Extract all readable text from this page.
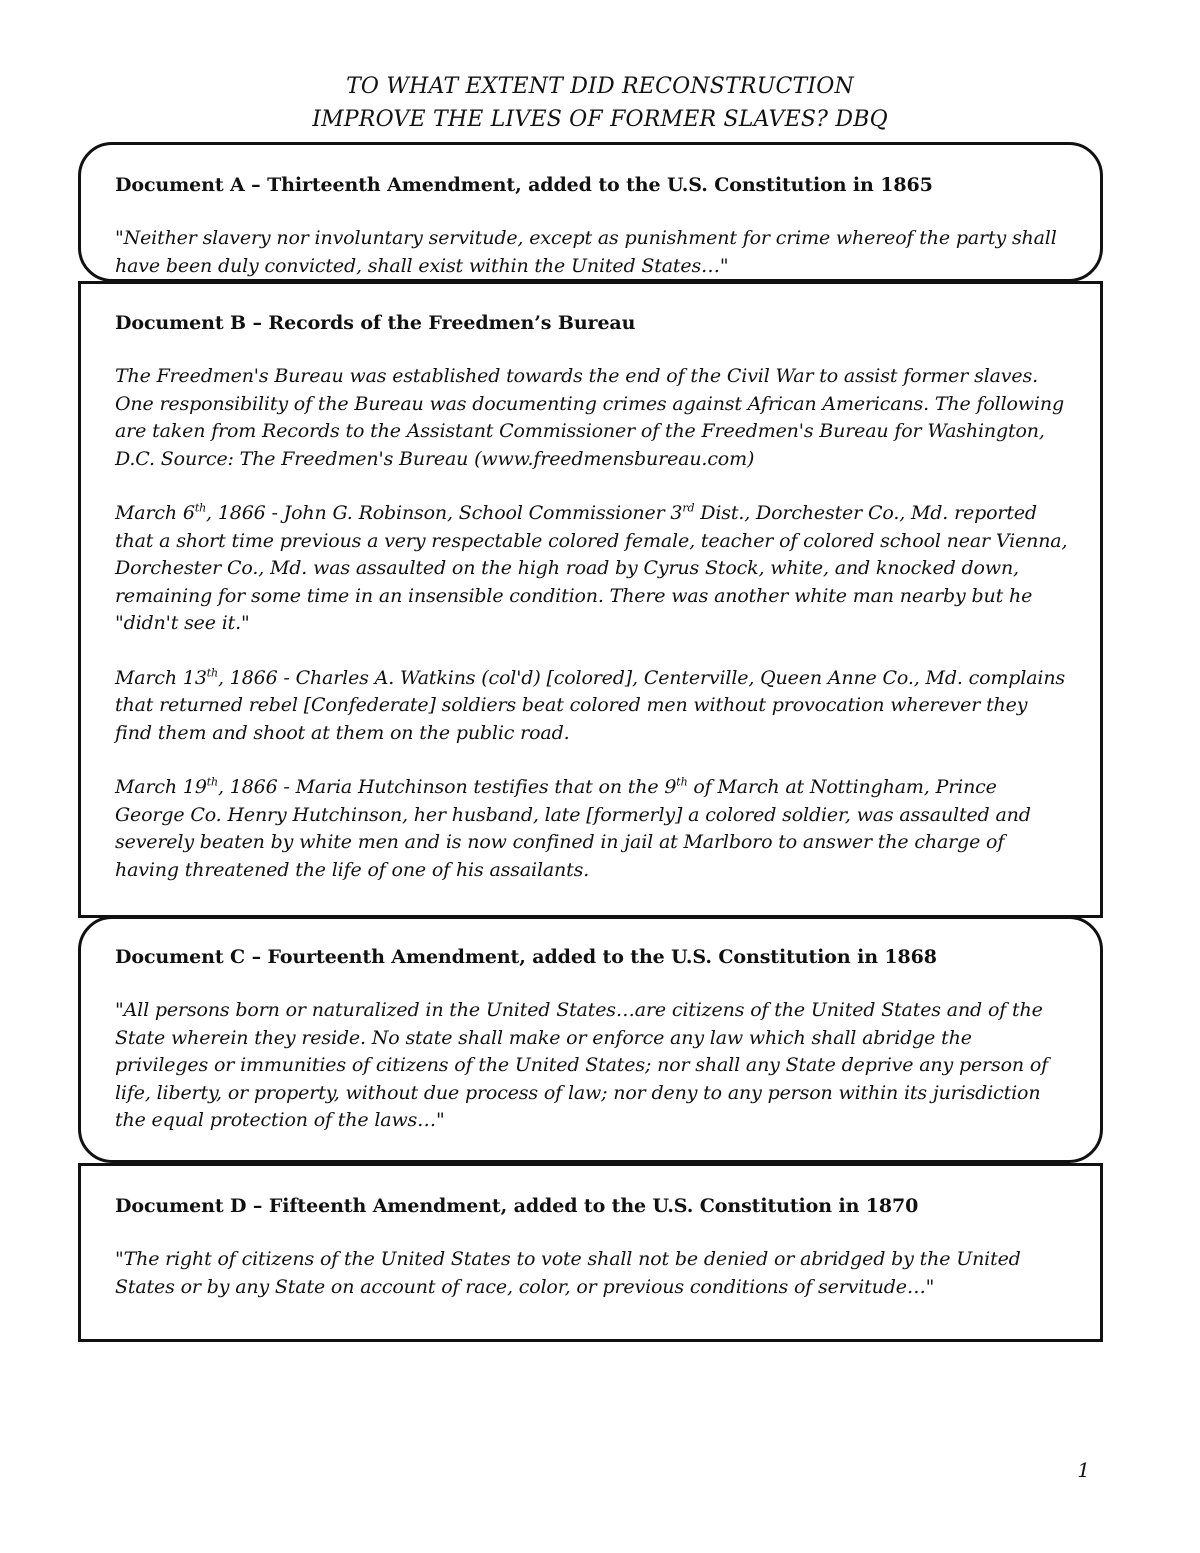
TO WHAT EXTENT DID RECONSTRUCTION
IMPROVE THE LIVES OF FORMER SLAVES? DBQ

Document A – Thirteenth Amendment, added to the U.S. Constitution in 1865

"Neither slavery nor involuntary servitude, except as punishment for crime whereof the party shall have been duly convicted, shall exist within the United States…"

Document B – Records of the Freedmen’s Bureau

The Freedmen's Bureau was established towards the end of the Civil War to assist former slaves. One responsibility of the Bureau was documenting crimes against African Americans. The following are taken from Records to the Assistant Commissioner of the Freedmen's Bureau for Washington, D.C. Source: The Freedmen's Bureau (www.freedmensbureau.com)

March 6th, 1866 - John G. Robinson, School Commissioner 3rd Dist., Dorchester Co., Md. reported that a short time previous a very respectable colored female, teacher of colored school near Vienna, Dorchester Co., Md. was assaulted on the high road by Cyrus Stock, white, and knocked down, remaining for some time in an insensible condition. There was another white man nearby but he "didn't see it."

March 13th, 1866 - Charles A. Watkins (col'd) [colored], Centerville, Queen Anne Co., Md. complains that returned rebel [Confederate] soldiers beat colored men without provocation wherever they find them and shoot at them on the public road.

March 19th, 1866 - Maria Hutchinson testifies that on the 9th of March at Nottingham, Prince George Co. Henry Hutchinson, her husband, late [formerly] a colored soldier, was assaulted and severely beaten by white men and is now confined in jail at Marlboro to answer the charge of having threatened the life of one of his assailants.

Document C – Fourteenth Amendment, added to the U.S. Constitution in 1868

"All persons born or naturalized in the United States…are citizens of the United States and of the State wherein they reside. No state shall make or enforce any law which shall abridge the privileges or immunities of citizens of the United States; nor shall any State deprive any person of life, liberty, or property, without due process of law; nor deny to any person within its jurisdiction the equal protection of the laws…"

Document D – Fifteenth Amendment, added to the U.S. Constitution in 1870

"The right of citizens of the United States to vote shall not be denied or abridged by the United States or by any State on account of race, color, or previous conditions of servitude…"

1
